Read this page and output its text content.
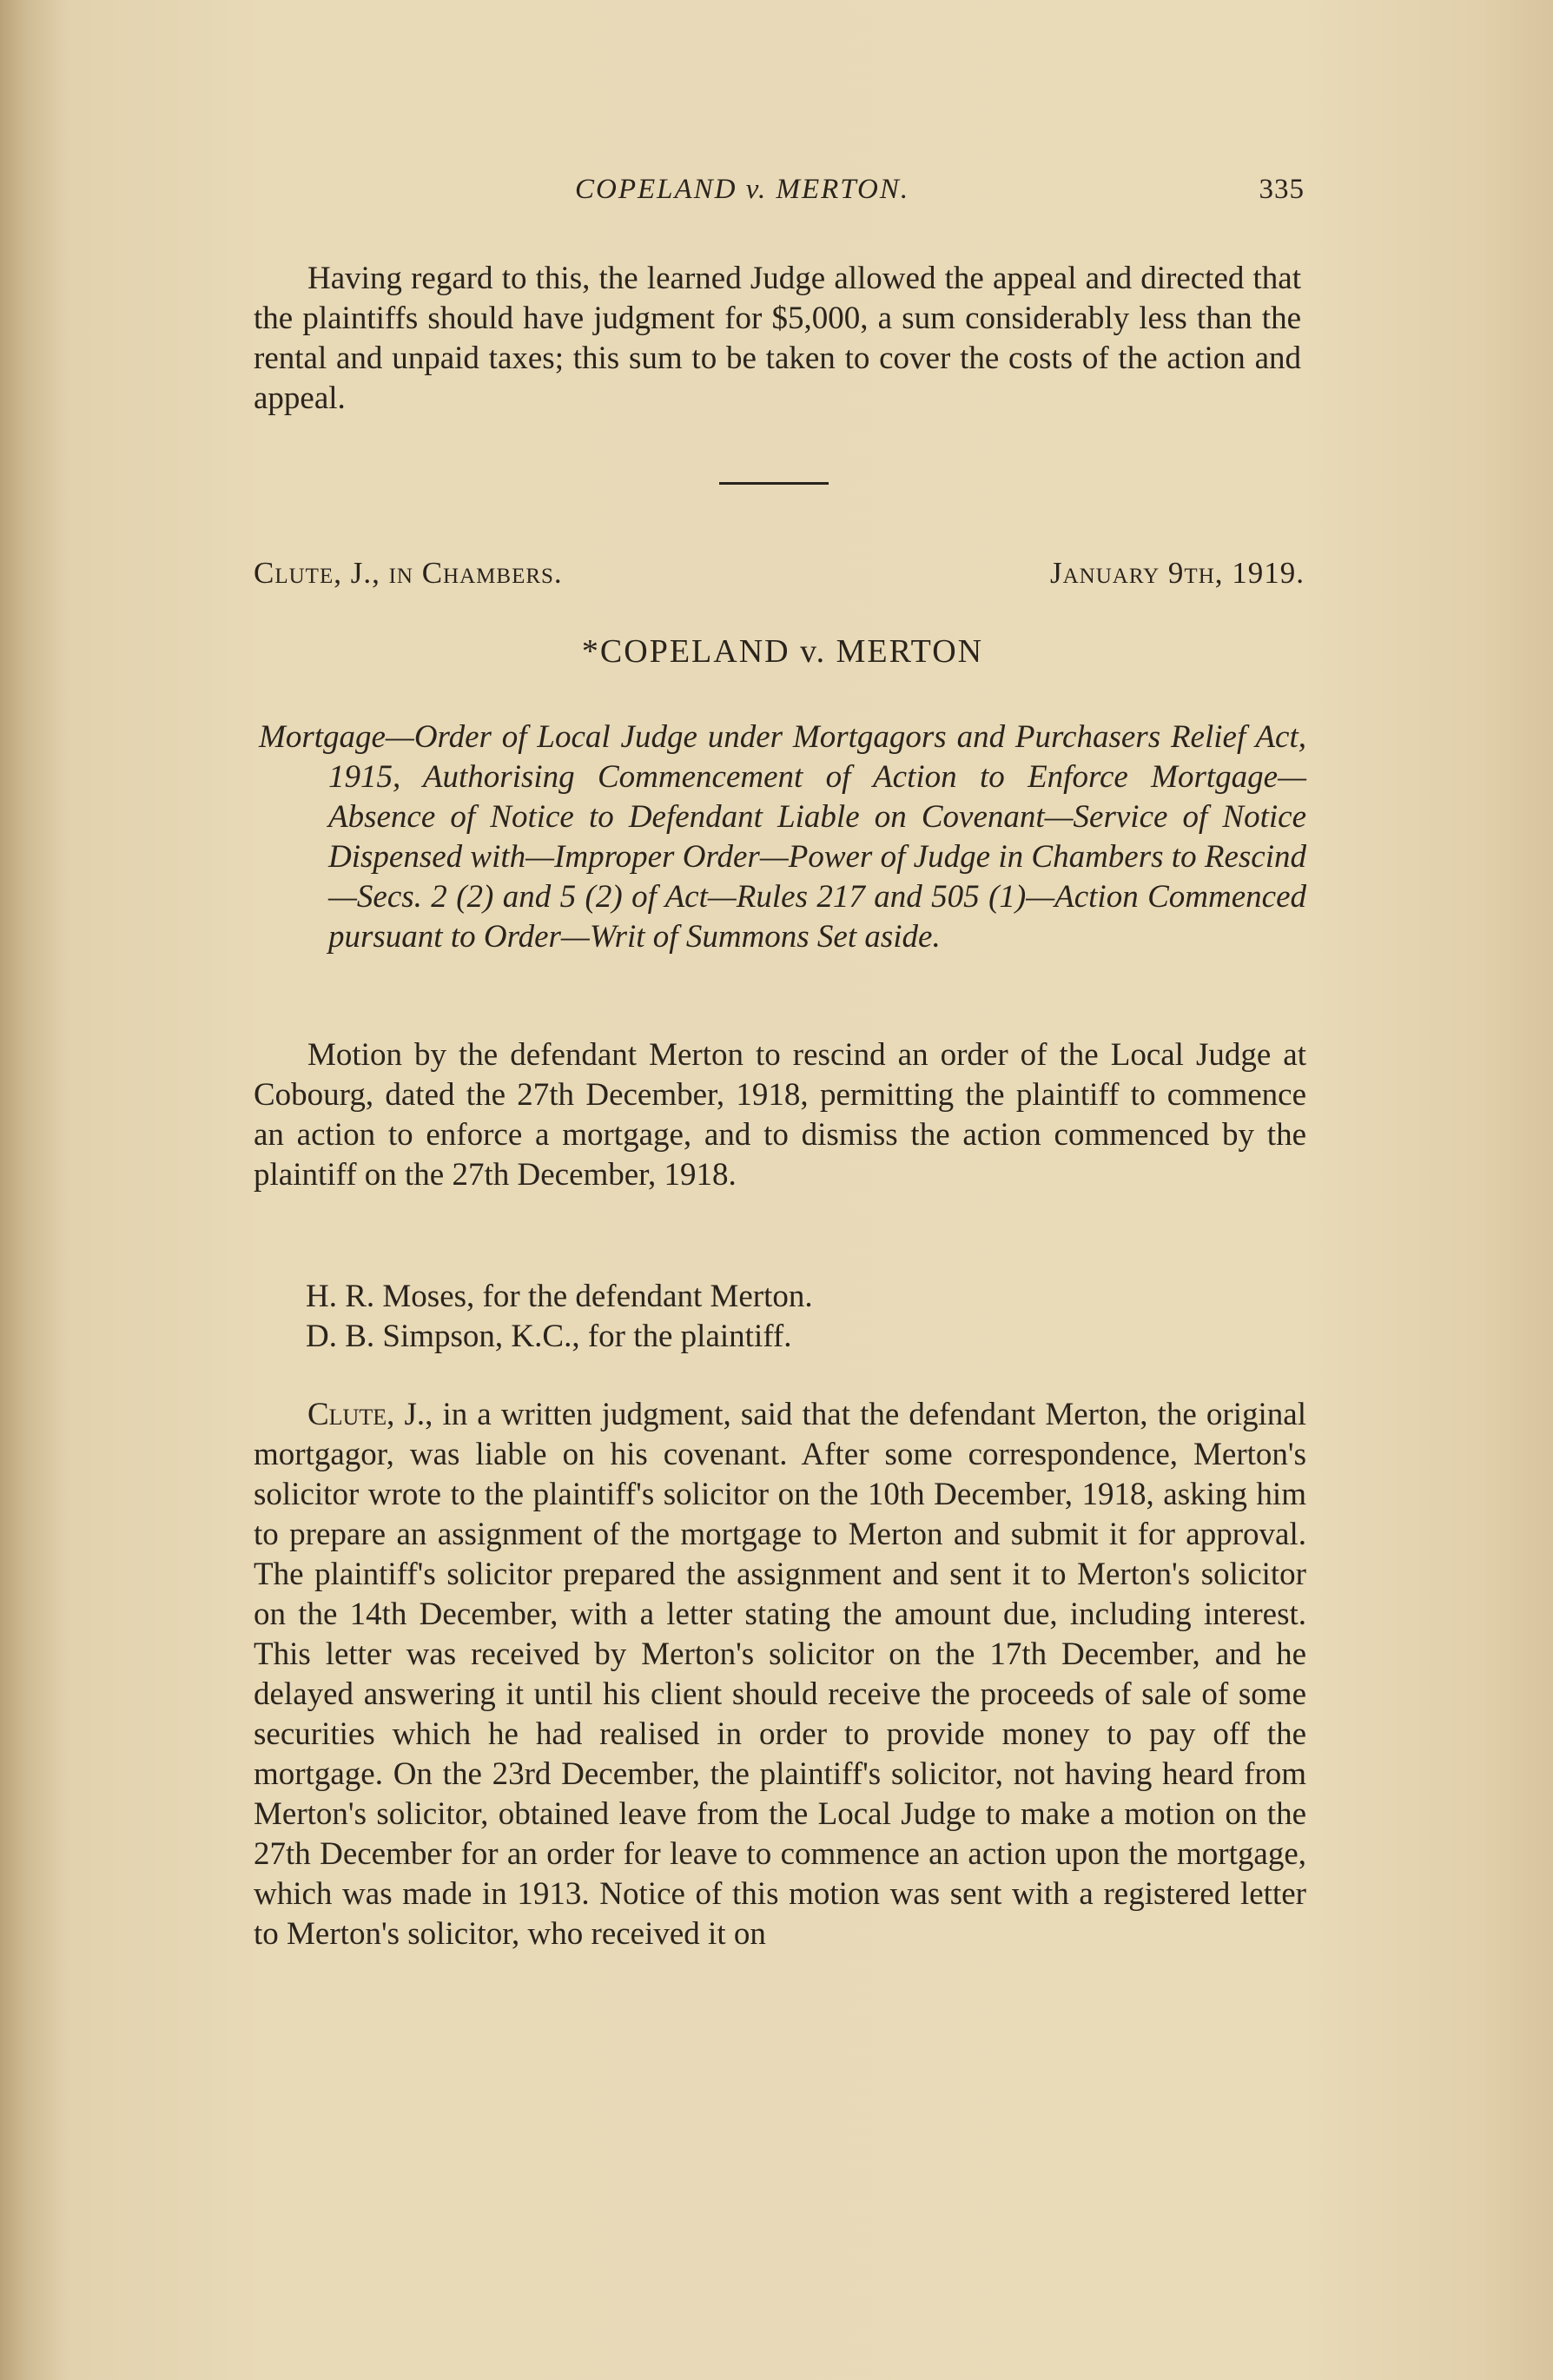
COPELAND v. MERTON.	335

Having regard to this, the learned Judge allowed the appeal and directed that the plaintiffs should have judgment for $5,000, a sum considerably less than the rental and unpaid taxes; this sum to be taken to cover the costs of the action and appeal.

Clute, J., in Chambers.	January 9th, 1919.
*COPELAND v. MERTON
Mortgage—Order of Local Judge under Mortgagors and Purchasers Relief Act, 1915, Authorising Commencement of Action to Enforce Mortgage—Absence of Notice to Defendant Liable on Covenant—Service of Notice Dispensed with—Improper Order—Power of Judge in Chambers to Rescind—Secs. 2 (2) and 5 (2) of Act—Rules 217 and 505 (1)—Action Commenced pursuant to Order—Writ of Summons Set aside.

Motion by the defendant Merton to rescind an order of the Local Judge at Cobourg, dated the 27th December, 1918, permitting the plaintiff to commence an action to enforce a mortgage, and to dismiss the action commenced by the plaintiff on the 27th December, 1918.

H. R. Moses, for the defendant Merton.
D. B. Simpson, K.C., for the plaintiff.

Clute, J., in a written judgment, said that the defendant Merton, the original mortgagor, was liable on his covenant. After some correspondence, Merton's solicitor wrote to the plaintiff's solicitor on the 10th December, 1918, asking him to prepare an assignment of the mortgage to Merton and submit it for approval. The plaintiff's solicitor prepared the assignment and sent it to Merton's solicitor on the 14th December, with a letter stating the amount due, including interest. This letter was received by Merton's solicitor on the 17th December, and he delayed answering it until his client should receive the proceeds of sale of some securities which he had realised in order to provide money to pay off the mortgage. On the 23rd December, the plaintiff's solicitor, not having heard from Merton's solicitor, obtained leave from the Local Judge to make a motion on the 27th December for an order for leave to commence an action upon the mortgage, which was made in 1913. Notice of this motion was sent with a registered letter to Merton's solicitor, who received it on
